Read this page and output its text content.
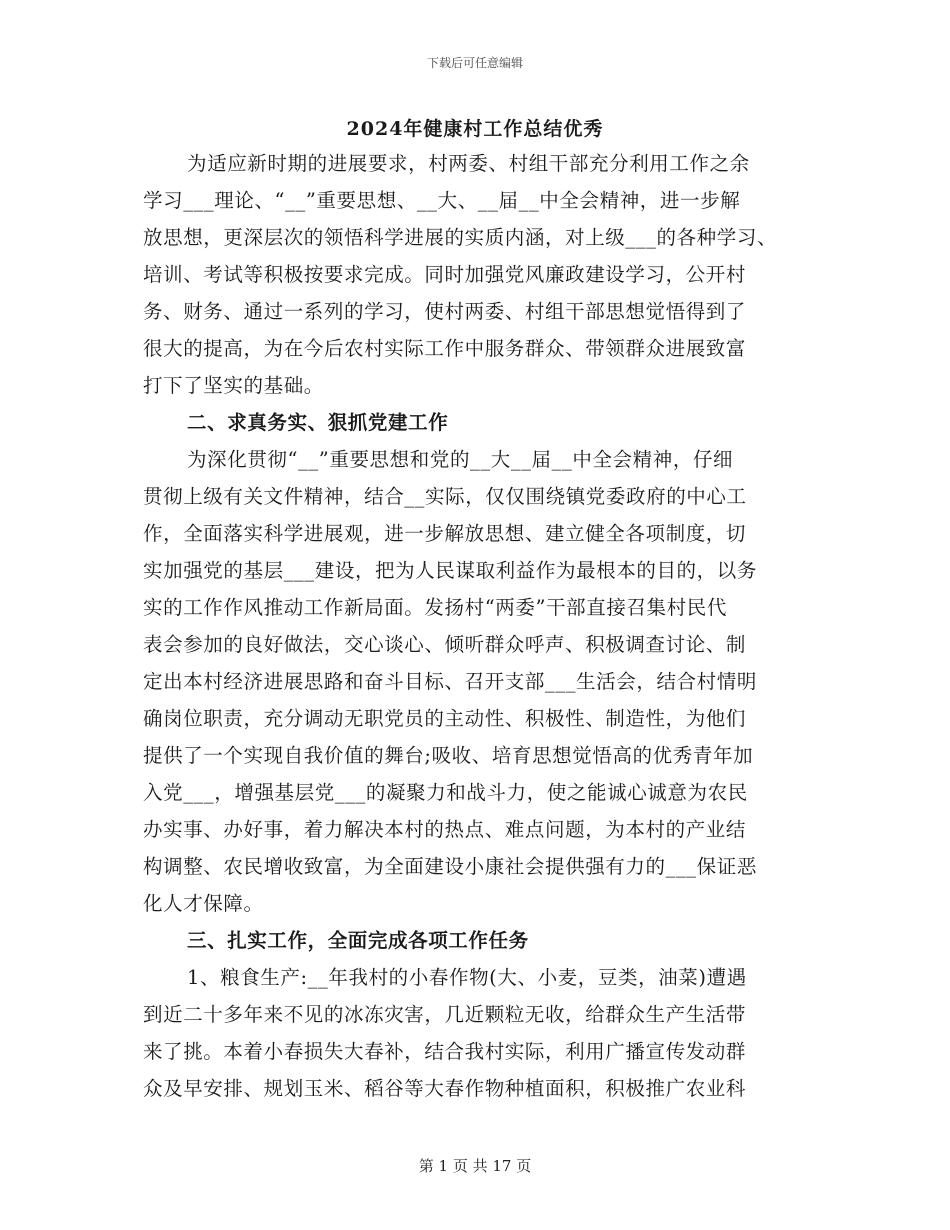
下载后可任意编辑
2024年健康村工作总结优秀
为适应新时期的进展要求，村两委、村组干部充分利用工作之余
学习___理论、“__”重要思想、__大、__届__中全会精神，进一步解
放思想，更深层次的领悟科学进展的实质内涵，对上级___的各种学习、
培训、考试等积极按要求完成。同时加强党风廉政建设学习，公开村
务、财务、通过一系列的学习，使村两委、村组干部思想觉悟得到了
很大的提高，为在今后农村实际工作中服务群众、带领群众进展致富
打下了坚实的基础。
二、求真务实、狠抓党建工作
为深化贯彻“__”重要思想和党的__大__届__中全会精神，仔细
贯彻上级有关文件精神，结合__实际，仅仅围绕镇党委政府的中心工
作，全面落实科学进展观，进一步解放思想、建立健全各项制度，切
实加强党的基层___建设，把为人民谋取利益作为最根本的目的，以务
实的工作作风推动工作新局面。发扬村“两委”干部直接召集村民代
表会参加的良好做法，交心谈心、倾听群众呼声、积极调查讨论、制
定出本村经济进展思路和奋斗目标、召开支部___生活会，结合村情明
确岗位职责，充分调动无职党员的主动性、积极性、制造性，为他们
提供了一个实现自我价值的舞台;吸收、培育思想觉悟高的优秀青年加
入党___，增强基层党___的凝聚力和战斗力，使之能诚心诚意为农民
办实事、办好事，着力解决本村的热点、难点问题，为本村的产业结
构调整、农民增收致富，为全面建设小康社会提供强有力的___保证恶
化人才保障。
三、扎实工作，全面完成各项工作任务
1、粮食生产:__年我村的小春作物(大、小麦，豆类，油菜)遭遇
到近二十多年来不见的冰冻灾害，几近颗粒无收，给群众生产生活带
来了挑。本着小春损失大春补，结合我村实际，利用广播宣传发动群
众及早安排、规划玉米、稻谷等大春作物种植面积，积极推广农业科
第 1 页 共 17 页
